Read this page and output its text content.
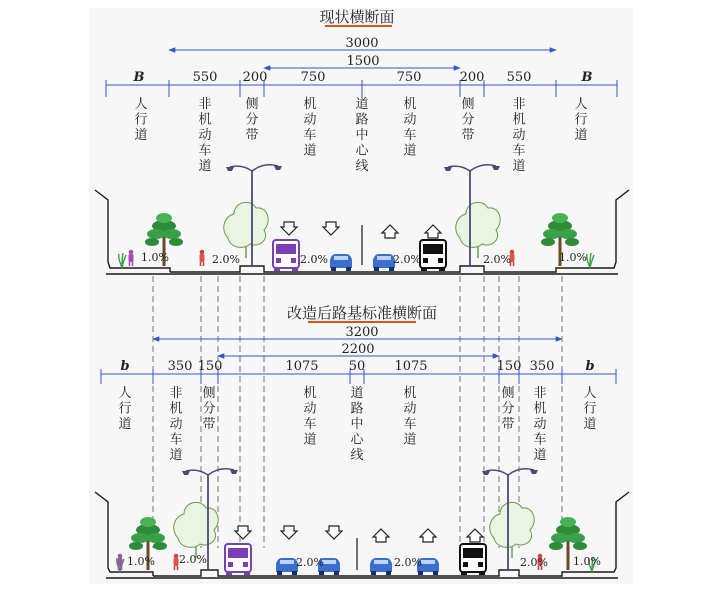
现状横断面
3000
1500
B	550 200	750	750	200 550	B
人行道
非机动车道
侧分带
机动车道
道路中心线
机动车道
侧分带
非机动车道
人行道
1.0%	2.0%	2.0%	2.0%	2.0%	1.0%
改造后路基标准横断面
3200
2200
b	350 150	1075 50 1075	150 350 b
人行道
非机动车道
侧分带
机动车道
道路中心线
机动车道
侧分带
非机动车道
人行道
1.0% 2.0%	2.0%	2.0%	2.0% 1.0%
